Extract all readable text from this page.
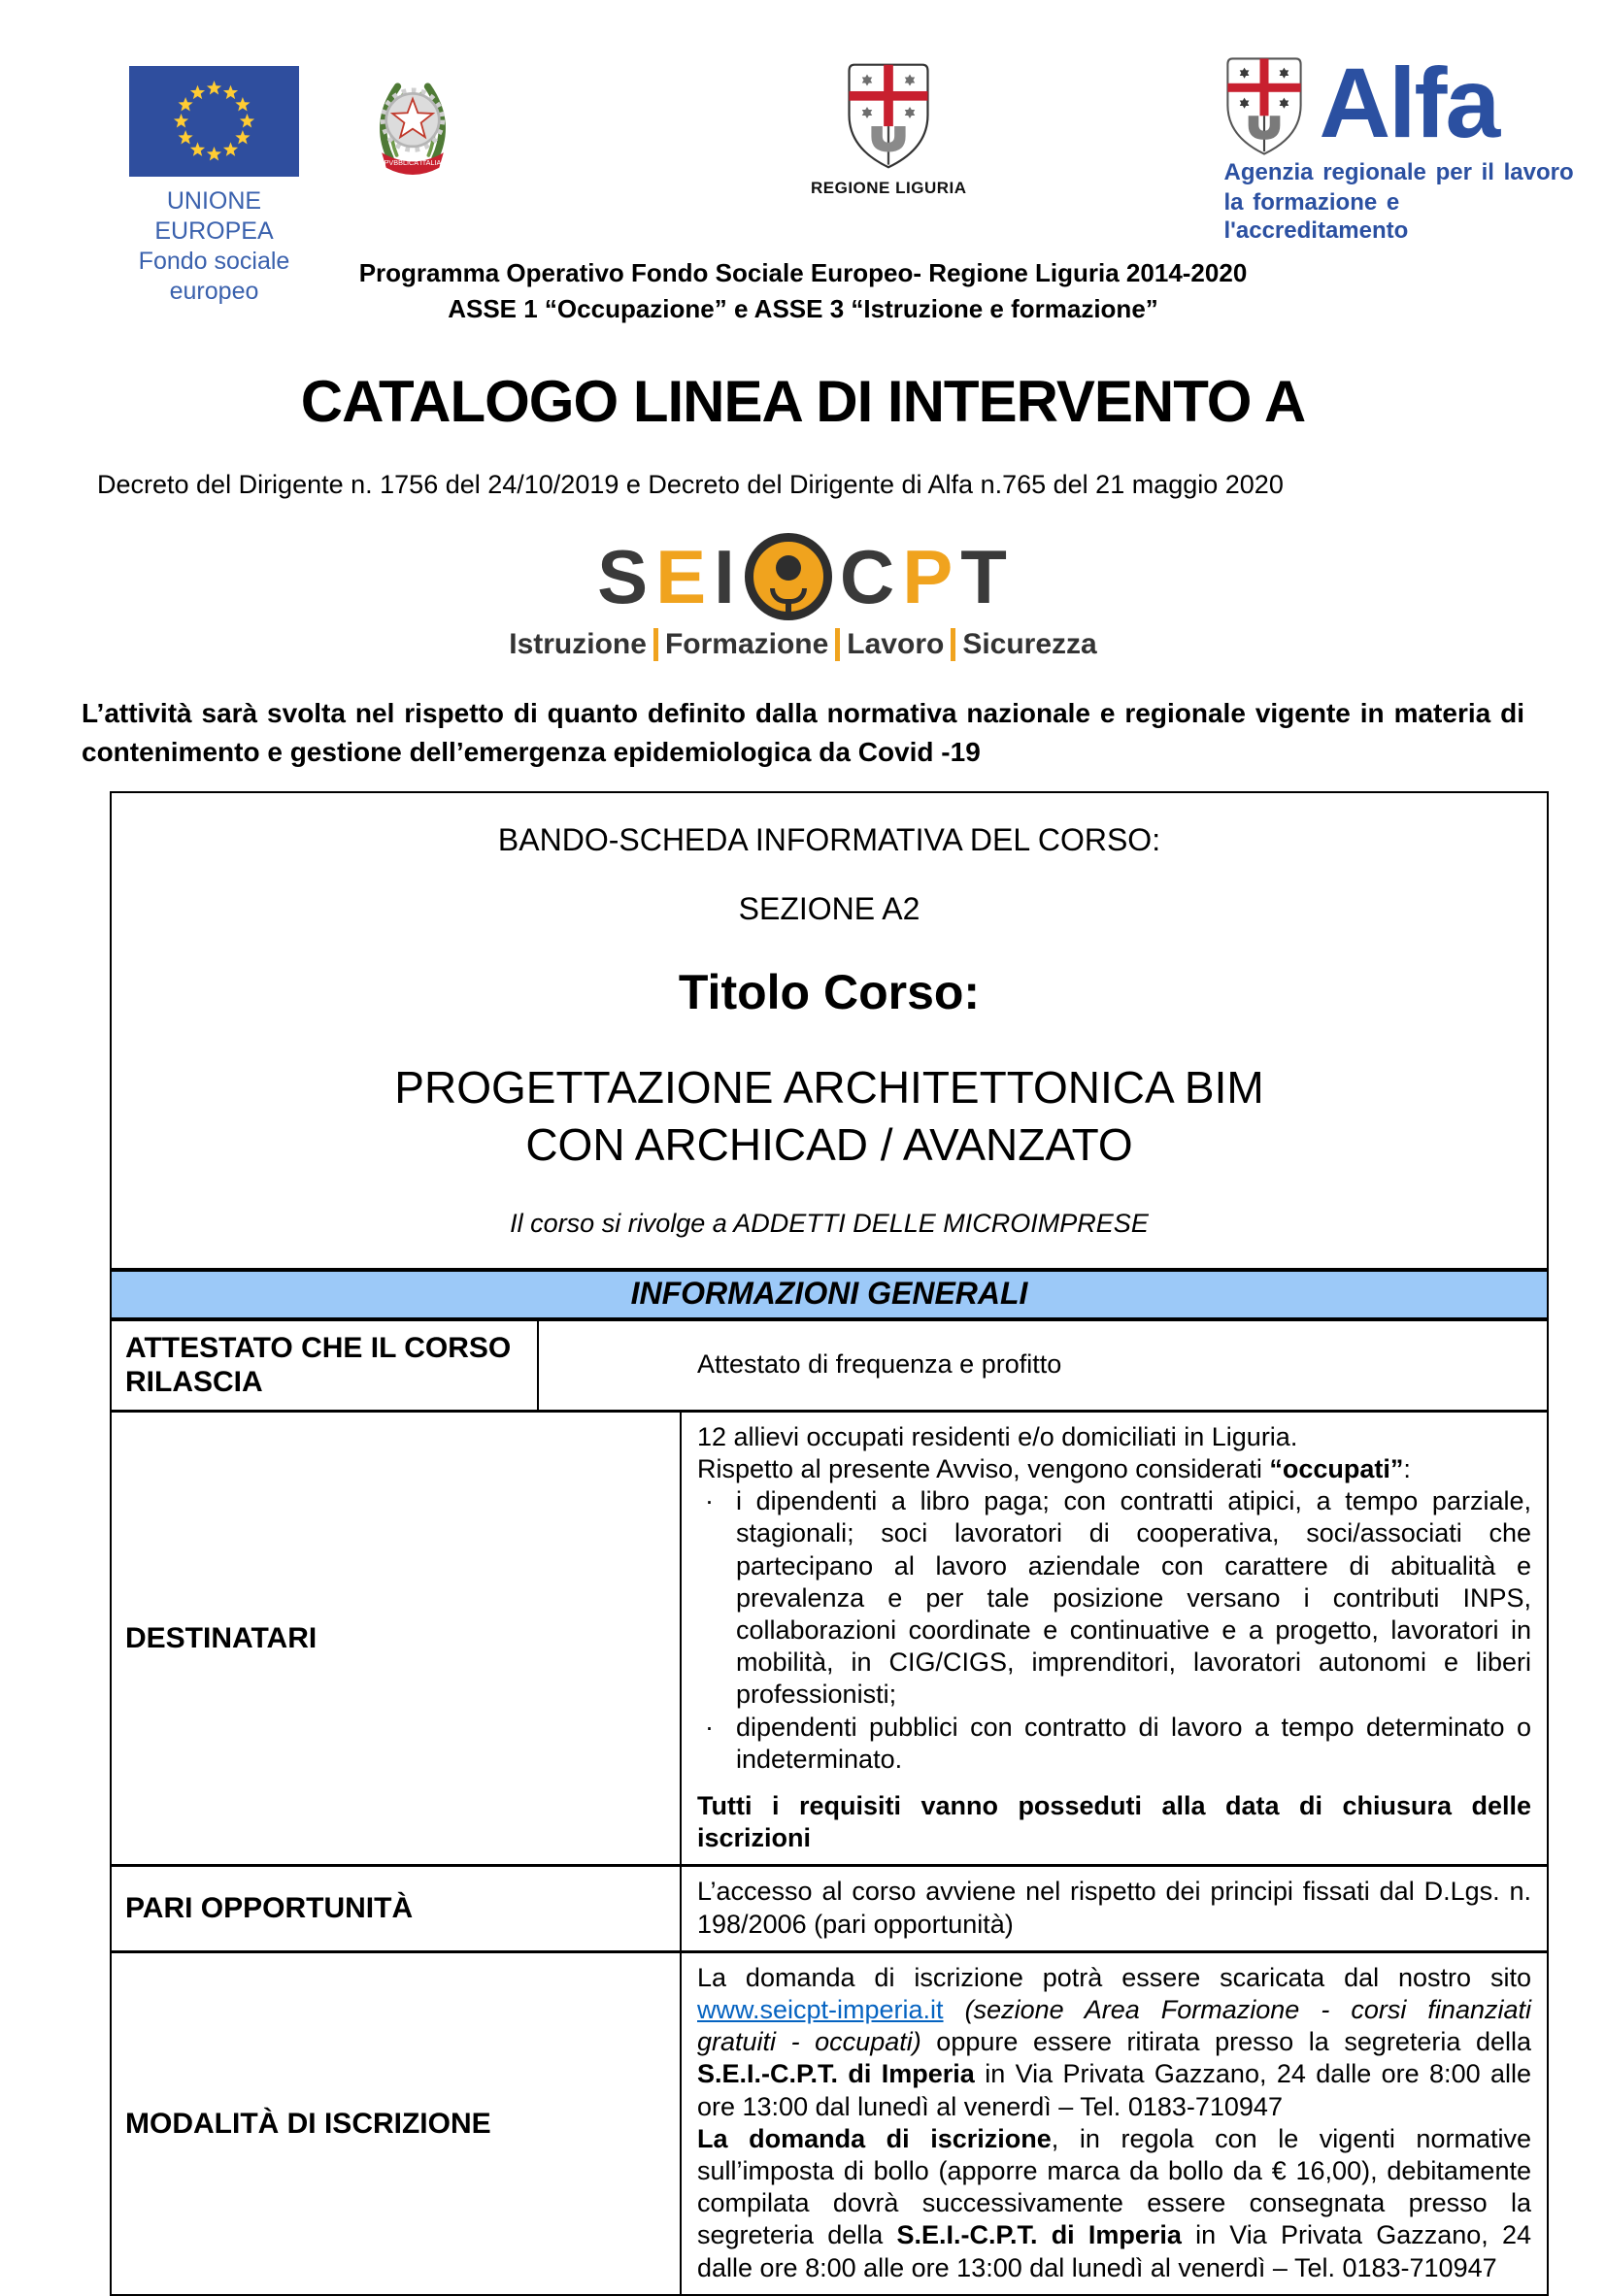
UNIONE EUROPEA
Fondo sociale europeo
REPVBBLICA ITALIANA
REGIONE LIGURIA
Alfa
Agenzia regionale per il lavoro
la formazione e l'accreditamento
Programma Operativo Fondo Sociale Europeo- Regione Liguria 2014-2020
ASSE 1 “Occupazione” e ASSE 3 “Istruzione e formazione”
CATALOGO LINEA DI INTERVENTO A
Decreto del Dirigente n. 1756 del 24/10/2019 e Decreto del Dirigente di Alfa n.765 del 21 maggio 2020
S E I C P T
Istruzione Formazione Lavoro Sicurezza

L’attività sarà svolta nel rispetto di quanto definito dalla normativa nazionale e regionale vigente in materia di contenimento e gestione dell’emergenza epidemiologica da Covid -19

BANDO-SCHEDA INFORMATIVA DEL CORSO:
SEZIONE A2
Titolo Corso:
PROGETTAZIONE ARCHITETTONICA BIM
CON ARCHICAD / AVANZATO
Il corso si rivolge a ADDETTI DELLE MICROIMPRESE
INFORMAZIONI GENERALI
ATTESTATO CHE IL CORSO RILASCIA
Attestato di frequenza e profitto
DESTINATARI
12 allievi occupati residenti e/o domiciliati in Liguria.
Rispetto al presente Avviso, vengono considerati “occupati”:
· i dipendenti a libro paga; con contratti atipici, a tempo parziale, stagionali; soci lavoratori di cooperativa, soci/associati che partecipano al lavoro aziendale con carattere di abitualità e prevalenza e per tale posizione versano i contributi INPS, collaborazioni coordinate e continuative e a progetto, lavoratori in mobilità, in CIG/CIGS, imprenditori, lavoratori autonomi e liberi professionisti;
· dipendenti pubblici con contratto di lavoro a tempo determinato o indeterminato.
Tutti i requisiti vanno posseduti alla data di chiusura delle iscrizioni
PARI OPPORTUNITÀ
L’accesso al corso avviene nel rispetto dei principi fissati dal D.Lgs. n. 198/2006 (pari opportunità)
MODALITÀ DI ISCRIZIONE
La domanda di iscrizione potrà essere scaricata dal nostro sito www.seicpt-imperia.it (sezione Area Formazione - corsi finanziati gratuiti - occupati) oppure essere ritirata presso la segreteria della S.E.I.-C.P.T. di Imperia in Via Privata Gazzano, 24 dalle ore 8:00 alle ore 13:00 dal lunedì al venerdì – Tel. 0183-710947
La domanda di iscrizione, in regola con le vigenti normative sull’imposta di bollo (apporre marca da bollo da € 16,00), debitamente compilata dovrà successivamente essere consegnata presso la segreteria della S.E.I.-C.P.T. di Imperia in Via Privata Gazzano, 24 dalle ore 8:00 alle ore 13:00 dal lunedì al venerdì – Tel. 0183-710947
